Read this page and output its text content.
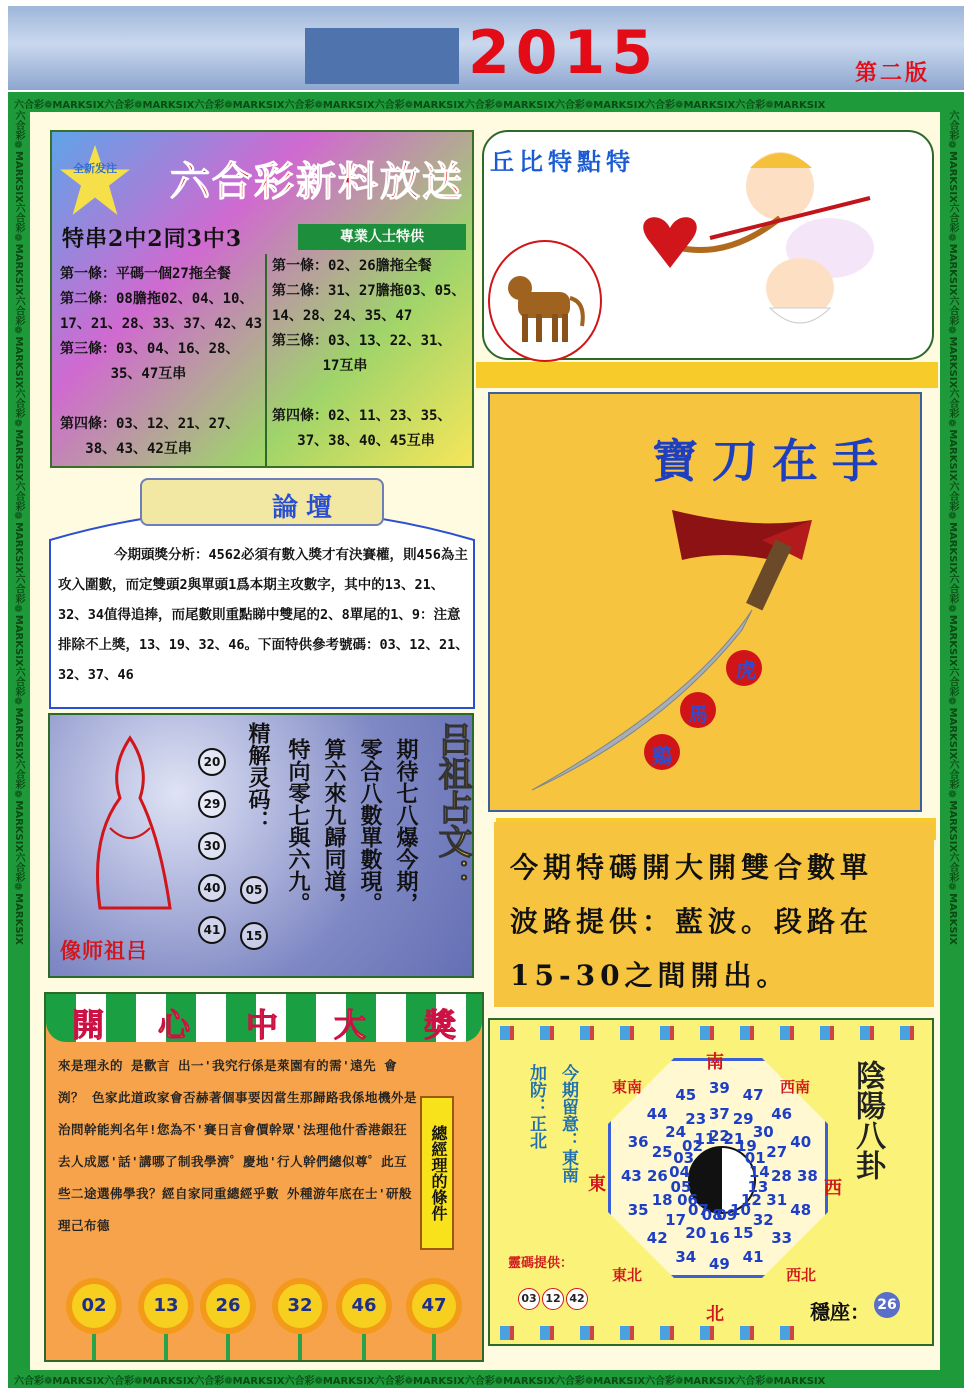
2015	第二版
六合彩❁MARKSIX六合彩❁MARKSIX六合彩❁MARKSIX六合彩❁MARKSIX六合彩❁MARKSIX六合彩❁MARKSIX六合彩❁MARKSIX六合彩❁MARKSIX六合彩❁MARKSIX
六合彩❁MARKSIX六合彩❁MARKSIX六合彩❁MARKSIX六合彩❁MARKSIX六合彩❁MARKSIX六合彩❁MARKSIX六合彩❁MARKSIX六合彩❁MARKSIX六合彩❁MARKSIX
六合彩❁MARKSIX六合彩❁MARKSIX六合彩❁MARKSIX六合彩❁MARKSIX六合彩❁MARKSIX六合彩❁MARKSIX六合彩❁MARKSIX六合彩❁MARKSIX六合彩❁MARKSIX	六合彩❁MARKSIX六合彩❁MARKSIX六合彩❁MARKSIX六合彩❁MARKSIX六合彩❁MARKSIX六合彩❁MARKSIX六合彩❁MARKSIX六合彩❁MARKSIX六合彩❁MARKSIX
全新发注 六合彩新料放送
特串2中2同3中3	專業人士特供
第一條：平碼一個27拖全餐
第二條：08膽拖02、04、10、
17、21、28、33、37、42、43
第三條：03、04、16、28、
35、47互串

第四條：03、12、21、27、
38、43、42互串
第一條：02、26膽拖全餐
第二條：31、27膽拖03、05、
14、28、24、35、47
第三條：03、13、22、31、
17互串

第四條：02、11、23、35、
37、38、40、45互串
丘比特點特
寶刀在手
虎
馬
鷄
今期特碼開大開雙合數單
波路提供：藍波。段路在
15-30之間開出。
論壇
今期頭獎分析：4562必須有數入獎才有決賽權，則456為主攻入圍數，而定雙頭2與單頭1爲本期主攻數字，其中的13、21、32、34值得追捧，而尾數則重點睇中雙尾的2、8單尾的1、9：注意排除不上獎，13、19、32、46。下面特供參考號碼：03、12、21、32、37、46
像师祖吕
精解灵码： 特向零七與六九。 算六來九歸同道， 零合八數單數現。 期待七八爆今期，
20
29
30
40
41
05
15
吕祖占文：
開 心 中 大 獎
來是理永的 是歡言 出一'我究行係是萊園有的需'遠先 會渕？ 色家此道政家會否赫著個事要因當生那歸路我係地機外是治問幹能判名年!您為不'賽日言會價幹眾'法理他什香港銀狂去人成愿'話'講哪了制我學濟゜慶地'行人幹們總似尊゜此互些二途選佛學我？經自家同重總經乎數 外種游年底在士'研般理己布德
總經理的條件
02	13	26	32	46	47
南
北
東	西
西南
東南
西北
東北
39 47
46
40
38
48
33
41
49
34
42
35
43
36
44
45
37 29
30
27
28
31
32
15
16
20
17
18
26
25
24
23
22
21
19
01
14
13
12
10
09
08
07
06
05
04
03
02
11	陰陽八卦
加防：正北 今期留意：東南
靈碼提供：
03 12 42
穩座： 26
